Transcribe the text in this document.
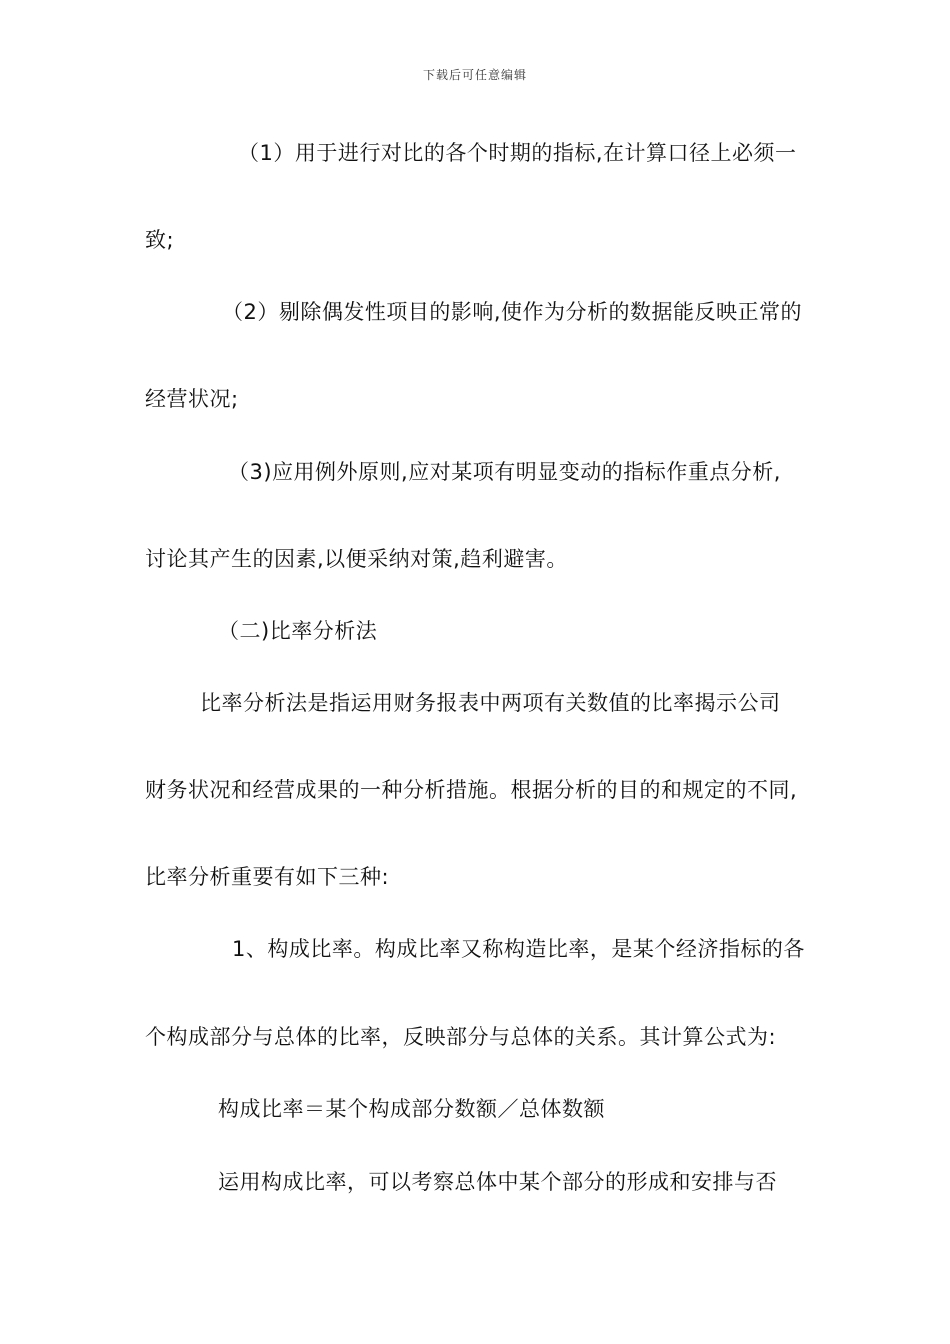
下载后可任意编辑
（1）用于进行对比的各个时期的指标,在计算口径上必须一
致;
（2）剔除偶发性项目的影响,使作为分析的数据能反映正常的
经营状况;
（3)应用例外原则,应对某项有明显变动的指标作重点分析,
讨论其产生的因素,以便采纳对策,趋利避害。
（二)比率分析法
比率分析法是指运用财务报表中两项有关数值的比率揭示公司
财务状况和经营成果的一种分析措施。根据分析的目的和规定的不同,
比率分析重要有如下三种:
1、构成比率。构成比率又称构造比率，是某个经济指标的各
个构成部分与总体的比率，反映部分与总体的关系。其计算公式为:
构成比率＝某个构成部分数额／总体数额
运用构成比率，可以考察总体中某个部分的形成和安排与否
